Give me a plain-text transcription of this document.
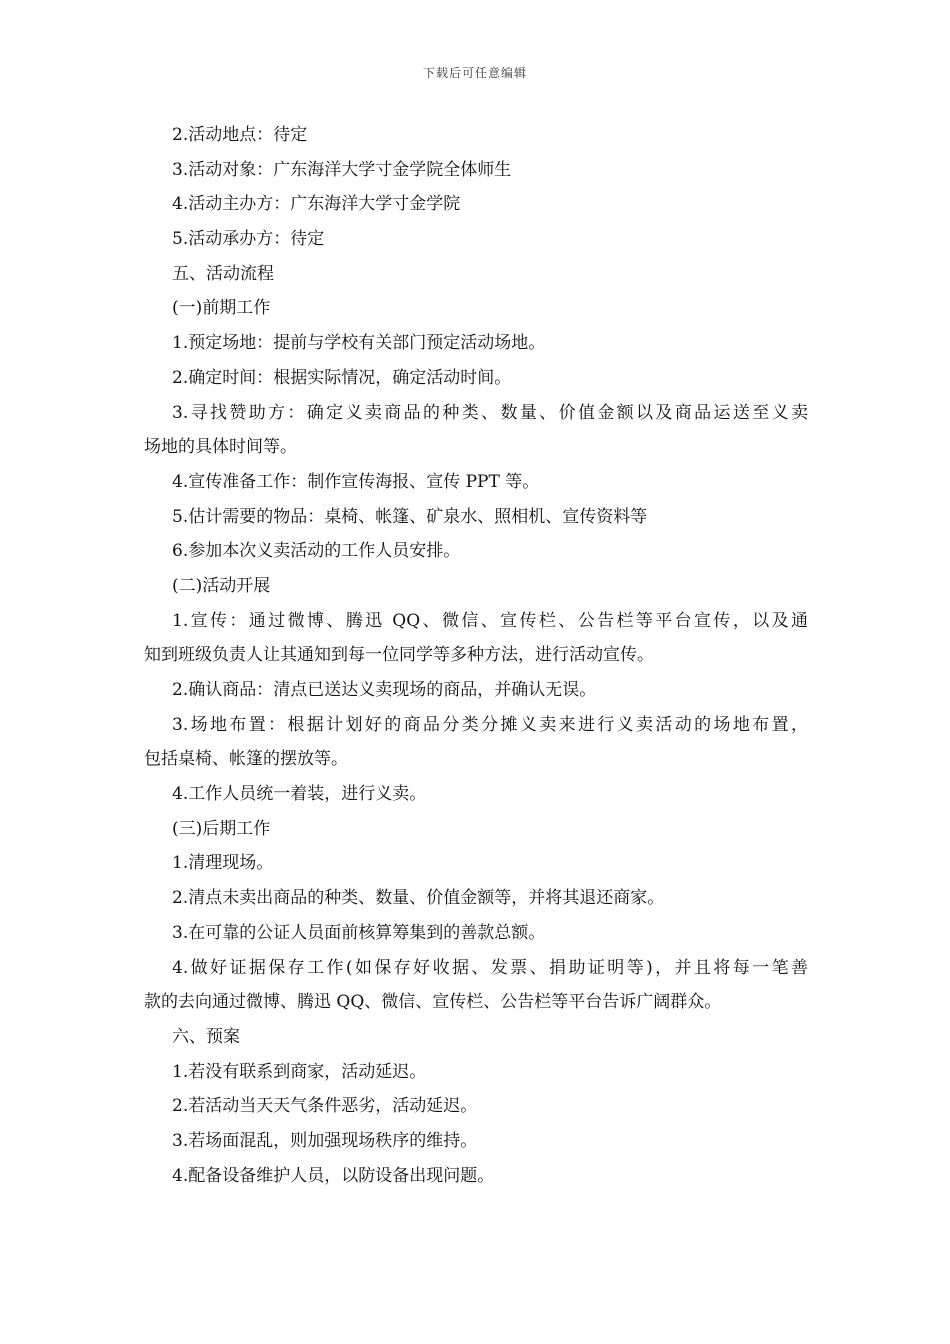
下载后可任意编辑
2.活动地点：待定
3.活动对象：广东海洋大学寸金学院全体师生
4.活动主办方：广东海洋大学寸金学院
5.活动承办方：待定
五、活动流程
(一)前期工作
1.预定场地：提前与学校有关部门预定活动场地。
2.确定时间：根据实际情况，确定活动时间。
3.寻找赞助方：确定义卖商品的种类、数量、价值金额以及商品运送至义卖
场地的具体时间等。
4.宣传准备工作：制作宣传海报、宣传 PPT 等。
5.估计需要的物品：桌椅、帐篷、矿泉水、照相机、宣传资料等
6.参加本次义卖活动的工作人员安排。
(二)活动开展
1.宣传：通过微博、腾迅 QQ、微信、宣传栏、公告栏等平台宣传，以及通
知到班级负责人让其通知到每一位同学等多种方法，进行活动宣传。
2.确认商品：清点已送达义卖现场的商品，并确认无误。
3.场地布置：根据计划好的商品分类分摊义卖来进行义卖活动的场地布置，
包括桌椅、帐篷的摆放等。
4.工作人员统一着装，进行义卖。
(三)后期工作
1.清理现场。
2.清点未卖出商品的种类、数量、价值金额等，并将其退还商家。
3.在可靠的公证人员面前核算筹集到的善款总额。
4.做好证据保存工作(如保存好收据、发票、捐助证明等)，并且将每一笔善
款的去向通过微博、腾迅 QQ、微信、宣传栏、公告栏等平台告诉广阔群众。
六、预案
1.若没有联系到商家，活动延迟。
2.若活动当天天气条件恶劣，活动延迟。
3.若场面混乱，则加强现场秩序的维持。
4.配备设备维护人员，以防设备出现问题。
